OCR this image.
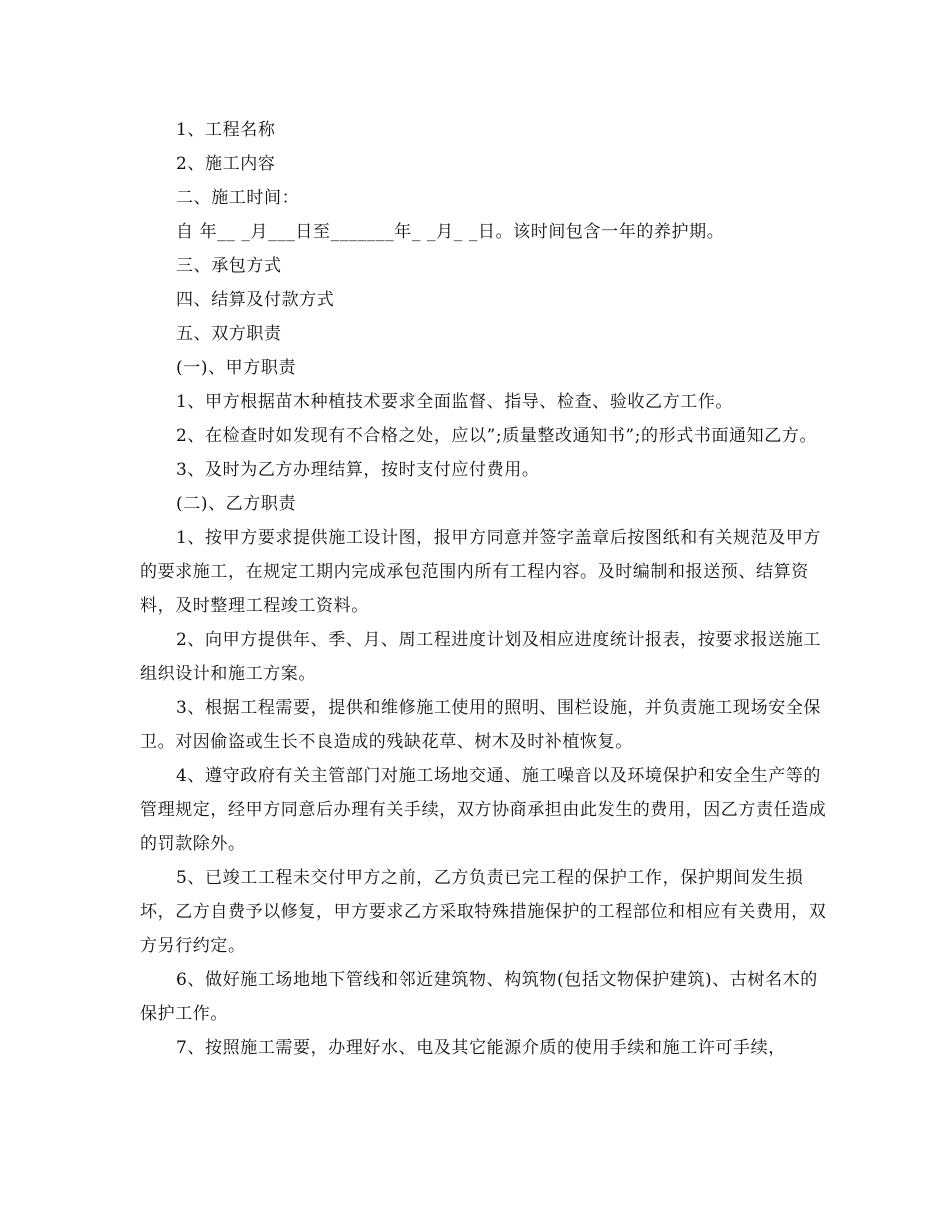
1、工程名称

2、施工内容

二、施工时间：

自 年__ _月___日至_______年_ _月_ _日。该时间包含一年的养护期。

三、承包方式

四、结算及付款方式

五、双方职责

(一)、甲方职责

1、甲方根据苗木种植技术要求全面监督、指导、检查、验收乙方工作。

2、在检查时如发现有不合格之处，应以”;质量整改通知书”;的形式书面通知乙方。

3、及时为乙方办理结算，按时支付应付费用。

(二)、乙方职责

1、按甲方要求提供施工设计图，报甲方同意并签字盖章后按图纸和有关规范及甲方的要求施工，在规定工期内完成承包范围内所有工程内容。及时编制和报送预、结算资料，及时整理工程竣工资料。

2、向甲方提供年、季、月、周工程进度计划及相应进度统计报表，按要求报送施工组织设计和施工方案。

3、根据工程需要，提供和维修施工使用的照明、围栏设施，并负责施工现场安全保卫。对因偷盗或生长不良造成的残缺花草、树木及时补植恢复。

4、遵守政府有关主管部门对施工场地交通、施工噪音以及环境保护和安全生产等的管理规定，经甲方同意后办理有关手续，双方协商承担由此发生的费用，因乙方责任造成的罚款除外。

5、已竣工工程未交付甲方之前，乙方负责已完工程的保护工作，保护期间发生损坏，乙方自费予以修复，甲方要求乙方采取特殊措施保护的工程部位和相应有关费用，双方另行约定。

6、做好施工场地地下管线和邻近建筑物、构筑物(包括文物保护建筑)、古树名木的保护工作。

7、按照施工需要，办理好水、电及其它能源介质的使用手续和施工许可手续，
